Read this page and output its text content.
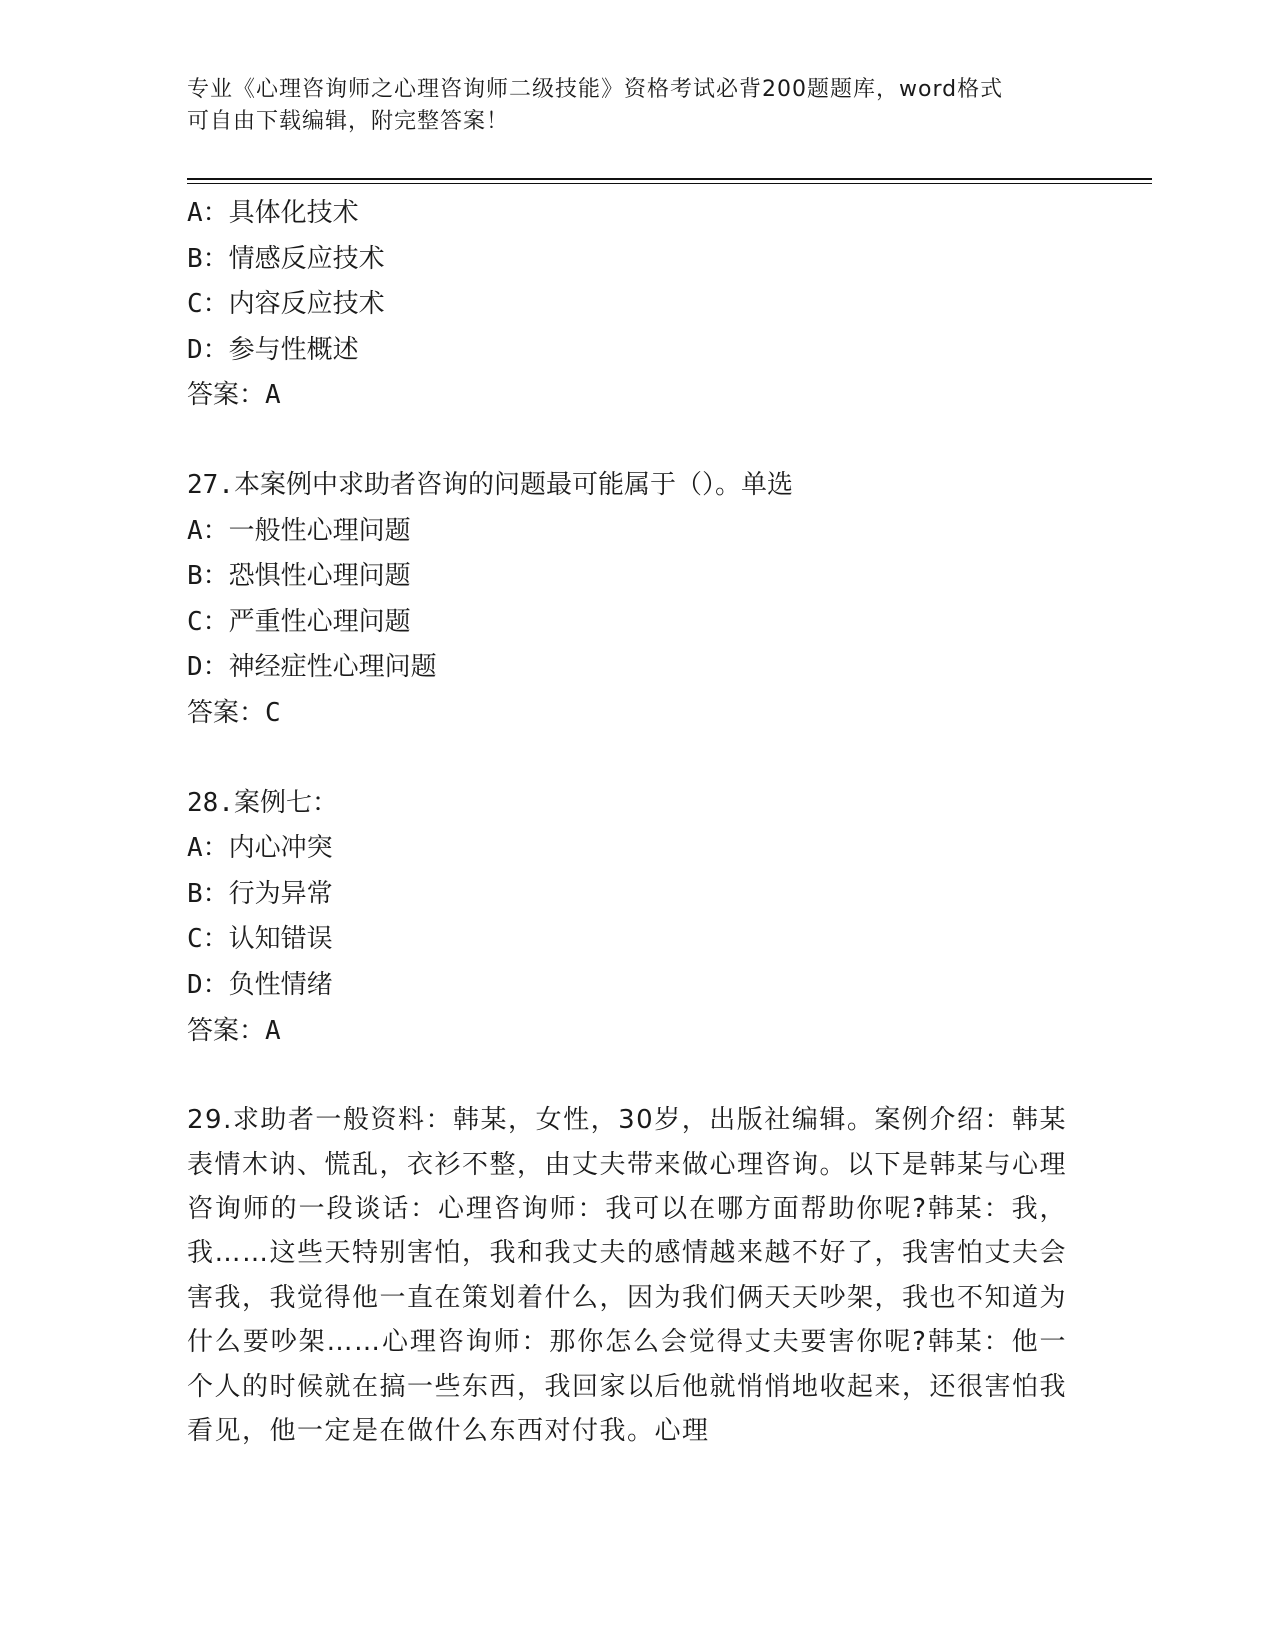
专业《心理咨询师之心理咨询师二级技能》资格考试必背200题题库，word格式
可自由下载编辑，附完整答案！
A：具体化技术
B：情感反应技术
C：内容反应技术
D：参与性概述
答案：A
27.本案例中求助者咨询的问题最可能属于（）。单选
A：一般性心理问题
B：恐惧性心理问题
C：严重性心理问题
D：神经症性心理问题
答案：C
28.案例七：
A：内心冲突
B：行为异常
C：认知错误
D：负性情绪
答案：A
29.求助者一般资料：韩某，女性，30岁，出版社编辑。案例介绍：韩某表情木讷、慌乱，衣衫不整，由丈夫带来做心理咨询。以下是韩某与心理咨询师的一段谈话：心理咨询师：我可以在哪方面帮助你呢?韩某：我，我……这些天特别害怕，我和我丈夫的感情越来越不好了，我害怕丈夫会害我，我觉得他一直在策划着什么，因为我们俩天天吵架，我也不知道为什么要吵架……心理咨询师：那你怎么会觉得丈夫要害你呢?韩某：他一个人的时候就在搞一些东西，我回家以后他就悄悄地收起来，还很害怕我看见，他一定是在做什么东西对付我。心理
